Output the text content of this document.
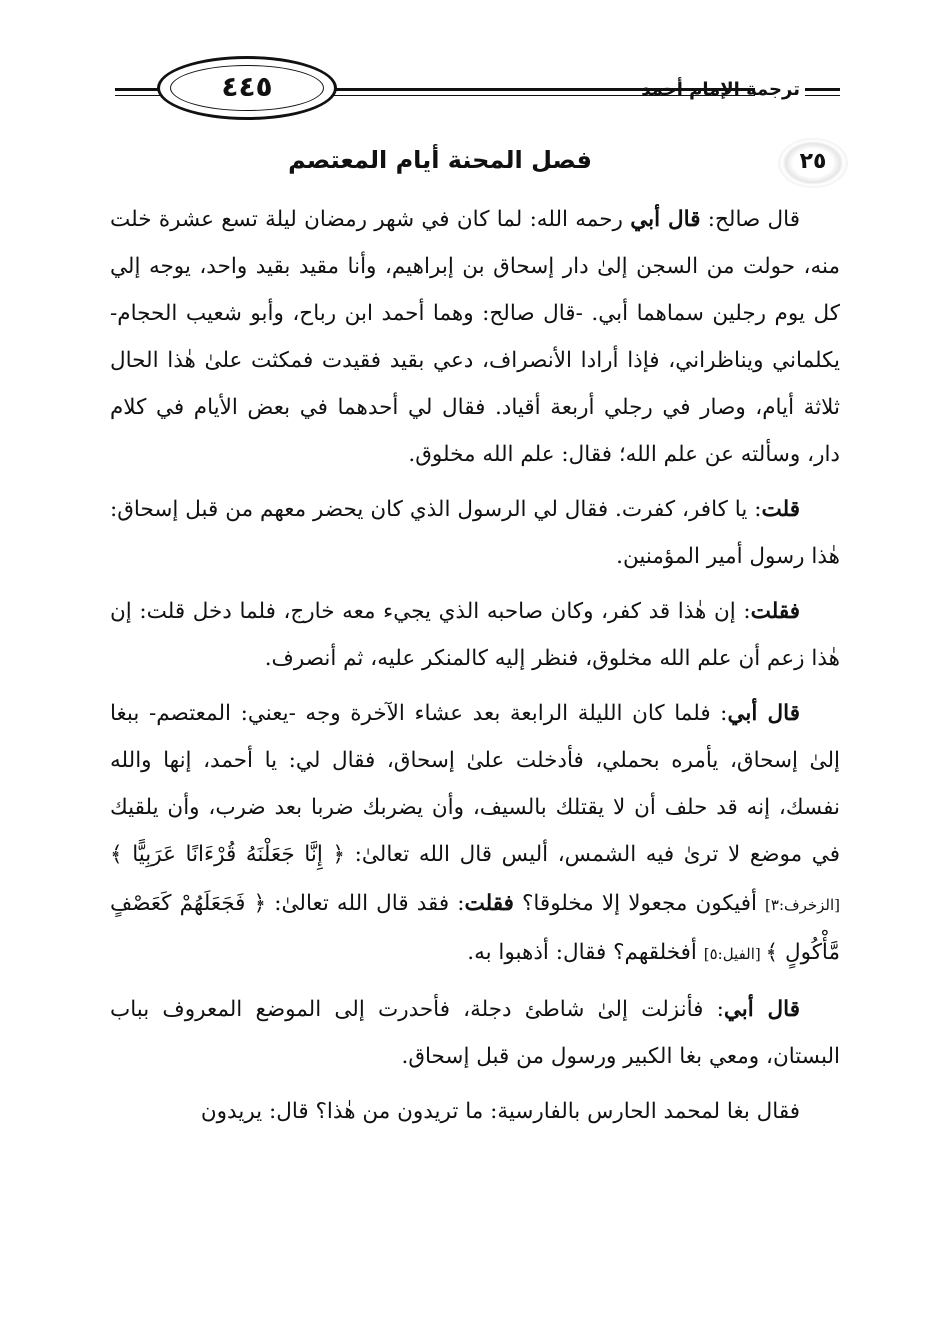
٤٤٥	ترجمة الإمام أحمد
٢٥
فصل المحنة أيام المعتصم

قال صالح: قال أبي رحمه الله: لما كان في شهر رمضان ليلة تسع عشرة خلت منه، حولت من السجن إلىٰ دار إسحاق بن إبراهيم، وأنا مقيد بقيد واحد، يوجه إلي كل يوم رجلين سماهما أبي. -قال صالح: وهما أحمد ابن رباح، وأبو شعيب الحجام- يكلماني ويناظراني، فإذا أرادا الأنصراف، دعي بقيد فقيدت فمكثت علىٰ هٰذا الحال ثلاثة أيام، وصار في رجلي أربعة أقياد. فقال لي أحدهما في بعض الأيام في كلام دار، وسألته عن علم الله؛ فقال: علم الله مخلوق.

قلت: يا كافر، كفرت. فقال لي الرسول الذي كان يحضر معهم من قبل إسحاق: هٰذا رسول أمير المؤمنين.

فقلت: إن هٰذا قد كفر، وكان صاحبه الذي يجيء معه خارج، فلما دخل قلت: إن هٰذا زعم أن علم الله مخلوق، فنظر إليه كالمنكر عليه، ثم أنصرف.

قال أبي: فلما كان الليلة الرابعة بعد عشاء الآخرة وجه -يعني: المعتصم- ببغا إلىٰ إسحاق، يأمره بحملي، فأدخلت علىٰ إسحاق، فقال لي: يا أحمد، إنها والله نفسك، إنه قد حلف أن لا يقتلك بالسيف، وأن يضربك ضربا بعد ضرب، وأن يلقيك في موضع لا ترىٰ فيه الشمس، أليس قال الله تعالىٰ: ﴿ إِنَّا جَعَلْنَهُ قُرْءَانًا عَرَبِيًّا ﴾ [الزخرف:٣] أفيكون مجعولا إلا مخلوقا؟ فقلت: فقد قال الله تعالىٰ: ﴿ فَجَعَلَهُمْ كَعَصْفٍ مَّأْكُولٍ ﴾ [الفيل:٥] أفخلقهم؟ فقال: أذهبوا به.

قال أبي: فأنزلت إلىٰ شاطئ دجلة، فأحدرت إلى الموضع المعروف بباب البستان، ومعي بغا الكبير ورسول من قبل إسحاق.

فقال بغا لمحمد الحارس بالفارسية: ما تريدون من هٰذا؟ قال: يريدون
